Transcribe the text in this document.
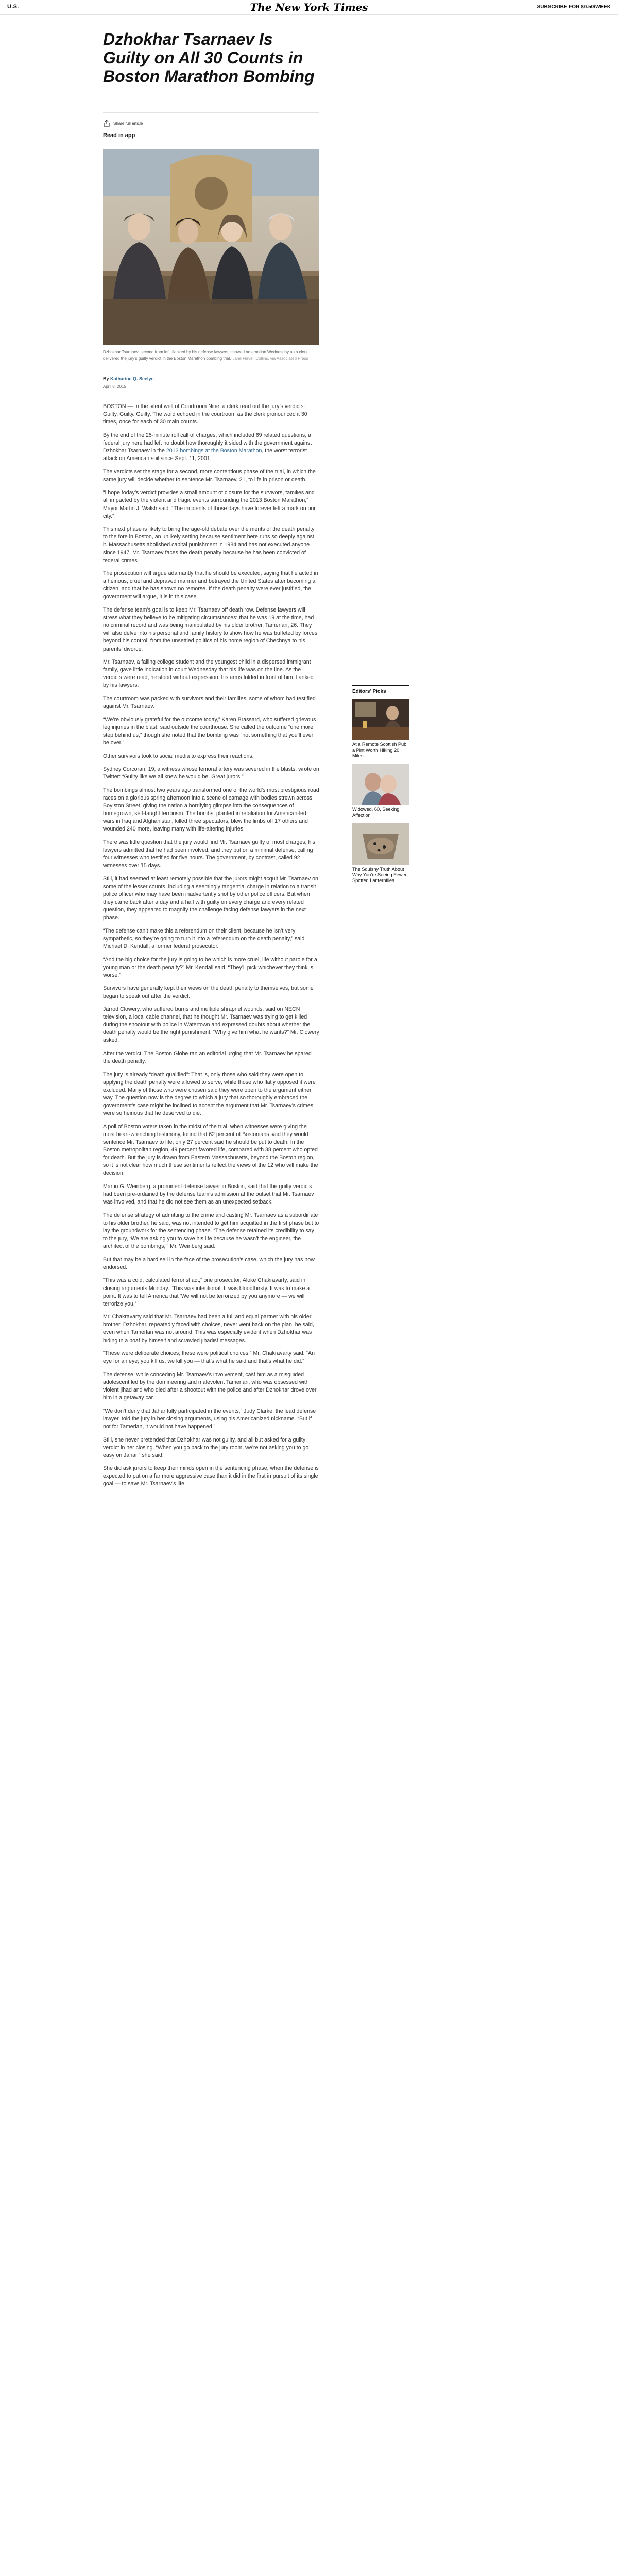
U.S.	The New York Times	SUBSCRIBE FOR $0.50/WEEK
Dzhokhar Tsarnaev Is Guilty on All 30 Counts in Boston Marathon Bombing
Share full article
Read in app

Dzhokhar Tsarnaev, second from left, flanked by his defense lawyers, showed no emotion Wednesday as a clerk delivered the jury’s guilty verdict in the Boston Marathon bombing trial. Jane Flavell Collins, via Associated Press

By Katharine Q. Seelye

April 8, 2015

BOSTON — In the silent well of Courtroom Nine, a clerk read out the jury’s verdicts: Guilty. Guilty. Guilty. The word echoed in the courtroom as the clerk pronounced it 30 times, once for each of 30 main counts.

By the end of the 25-minute roll call of charges, which included 69 related questions, a federal jury here had left no doubt how thoroughly it sided with the government against Dzhokhar Tsarnaev in the 2013 bombings at the Boston Marathon, the worst terrorist attack on American soil since Sept. 11, 2001.

The verdicts set the stage for a second, more contentious phase of the trial, in which the same jury will decide whether to sentence Mr. Tsarnaev, 21, to life in prison or death.

“I hope today’s verdict provides a small amount of closure for the survivors, families and all impacted by the violent and tragic events surrounding the 2013 Boston Marathon,” Mayor Martin J. Walsh said. “The incidents of those days have forever left a mark on our city.”

This next phase is likely to bring the age-old debate over the merits of the death penalty to the fore in Boston, an unlikely setting because sentiment here runs so deeply against it. Massachusetts abolished capital punishment in 1984 and has not executed anyone since 1947. Mr. Tsarnaev faces the death penalty because he has been convicted of federal crimes.

The prosecution will argue adamantly that he should be executed, saying that he acted in a heinous, cruel and depraved manner and betrayed the United States after becoming a citizen, and that he has shown no remorse. If the death penalty were ever justified, the government will argue, it is in this case.

The defense team’s goal is to keep Mr. Tsarnaev off death row. Defense lawyers will stress what they believe to be mitigating circumstances: that he was 19 at the time, had no criminal record and was being manipulated by his older brother, Tamerlan, 26. They will also delve into his personal and family history to show how he was buffeted by forces beyond his control, from the unsettled politics of his home region of Chechnya to his parents’ divorce.

Mr. Tsarnaev, a failing college student and the youngest child in a dispersed immigrant family, gave little indication in court Wednesday that his life was on the line. As the verdicts were read, he stood without expression, his arms folded in front of him, flanked by his lawyers.

The courtroom was packed with survivors and their families, some of whom had testified against Mr. Tsarnaev.

“We’re obviously grateful for the outcome today,” Karen Brassard, who suffered grievous leg injuries in the blast, said outside the courthouse. She called the outcome “one more step behind us,” though she noted that the bombing was “not something that you’ll ever be over.”

Other survivors took to social media to express their reactions.

Sydney Corcoran, 19, a witness whose femoral artery was severed in the blasts, wrote on Twitter: “Guilty like we all knew he would be. Great jurors.”

The bombings almost two years ago transformed one of the world’s most prestigious road races on a glorious spring afternoon into a scene of carnage with bodies strewn across Boylston Street, giving the nation a horrifying glimpse into the consequences of homegrown, self-taught terrorism. The bombs, planted in retaliation for American-led wars in Iraq and Afghanistan, killed three spectators, blew the limbs off 17 others and wounded 240 more, leaving many with life-altering injuries.

There was little question that the jury would find Mr. Tsarnaev guilty of most charges; his lawyers admitted that he had been involved, and they put on a minimal defense, calling four witnesses who testified for five hours. The government, by contrast, called 92 witnesses over 15 days.

Still, it had seemed at least remotely possible that the jurors might acquit Mr. Tsarnaev on some of the lesser counts, including a seemingly tangential charge in relation to a transit police officer who may have been inadvertently shot by other police officers. But when they came back after a day and a half with guilty on every charge and every related question, they appeared to magnify the challenge facing defense lawyers in the next phase.

“The defense can’t make this a referendum on their client, because he isn’t very sympathetic, so they’re going to turn it into a referendum on the death penalty,” said Michael D. Kendall, a former federal prosecutor.

“And the big choice for the jury is going to be which is more cruel, life without parole for a young man or the death penalty?” Mr. Kendall said. “They’ll pick whichever they think is worse.”

Survivors have generally kept their views on the death penalty to themselves, but some began to speak out after the verdict.

Jarrod Clowery, who suffered burns and multiple shrapnel wounds, said on NECN television, a local cable channel, that he thought Mr. Tsarnaev was trying to get killed during the shootout with police in Watertown and expressed doubts about whether the death penalty would be the right punishment. “Why give him what he wants?” Mr. Clowery asked.

After the verdict, The Boston Globe ran an editorial urging that Mr. Tsarnaev be spared the death penalty.

The jury is already “death qualified”: That is, only those who said they were open to applying the death penalty were allowed to serve, while those who flatly opposed it were excluded. Many of those who were chosen said they were open to the argument either way. The question now is the degree to which a jury that so thoroughly embraced the government’s case might be inclined to accept the argument that Mr. Tsarnaev’s crimes were so heinous that he deserved to die.

A poll of Boston voters taken in the midst of the trial, when witnesses were giving the most heart-wrenching testimony, found that 62 percent of Bostonians said they would sentence Mr. Tsarnaev to life; only 27 percent said he should be put to death. In the Boston metropolitan region, 49 percent favored life, compared with 38 percent who opted for death. But the jury is drawn from Eastern Massachusetts, beyond the Boston region, so it is not clear how much these sentiments reflect the views of the 12 who will make the decision.

Martin G. Weinberg, a prominent defense lawyer in Boston, said that the guilty verdicts had been pre-ordained by the defense team’s admission at the outset that Mr. Tsarnaev was involved, and that he did not see them as an unexpected setback.

The defense strategy of admitting to the crime and casting Mr. Tsarnaev as a subordinate to his older brother, he said, was not intended to get him acquitted in the first phase but to lay the groundwork for the sentencing phase. “The defense retained its credibility to say to the jury, ‘We are asking you to save his life because he wasn’t the engineer, the architect of the bombings,’” Mr. Weinberg said.

But that may be a hard sell in the face of the prosecution’s case, which the jury has now endorsed.

“This was a cold, calculated terrorist act,” one prosecutor, Aloke Chakravarty, said in closing arguments Monday. “This was intentional. It was bloodthirsty. It was to make a point. It was to tell America that ‘We will not be terrorized by you anymore — we will terrorize you.’ ”

Mr. Chakravarty said that Mr. Tsarnaev had been a full and equal partner with his older brother. Dzhokhar, repeatedly faced with choices, never went back on the plan, he said, even when Tamerlan was not around. This was especially evident when Dzhokhar was hiding in a boat by himself and scrawled jihadist messages.

“These were deliberate choices; these were political choices,” Mr. Chakravarty said. “An eye for an eye; you kill us, we kill you — that’s what he said and that’s what he did.”

The defense, while conceding Mr. Tsarnaev’s involvement, cast him as a misguided adolescent led by the domineering and malevolent Tamerlan, who was obsessed with violent jihad and who died after a shootout with the police and after Dzhokhar drove over him in a getaway car.

“We don’t deny that Jahar fully participated in the events,” Judy Clarke, the lead defense lawyer, told the jury in her closing arguments, using his Americanized nickname. “But if not for Tamerlan, it would not have happened.”

Still, she never pretended that Dzhokhar was not guilty, and all but asked for a guilty verdict in her closing. “When you go back to the jury room, we’re not asking you to go easy on Jahar,” she said.

She did ask jurors to keep their minds open in the sentencing phase, when the defense is expected to put on a far more aggressive case than it did in the first in pursuit of its single goal — to save Mr. Tsarnaev’s life.

Editors’ Picks

At a Remote Scottish Pub, a Pint Worth Hiking 20 Miles

Widowed, 60, Seeking Affection

The Squishy Truth About Why You’re Seeing Fewer Spotted Lanternflies
